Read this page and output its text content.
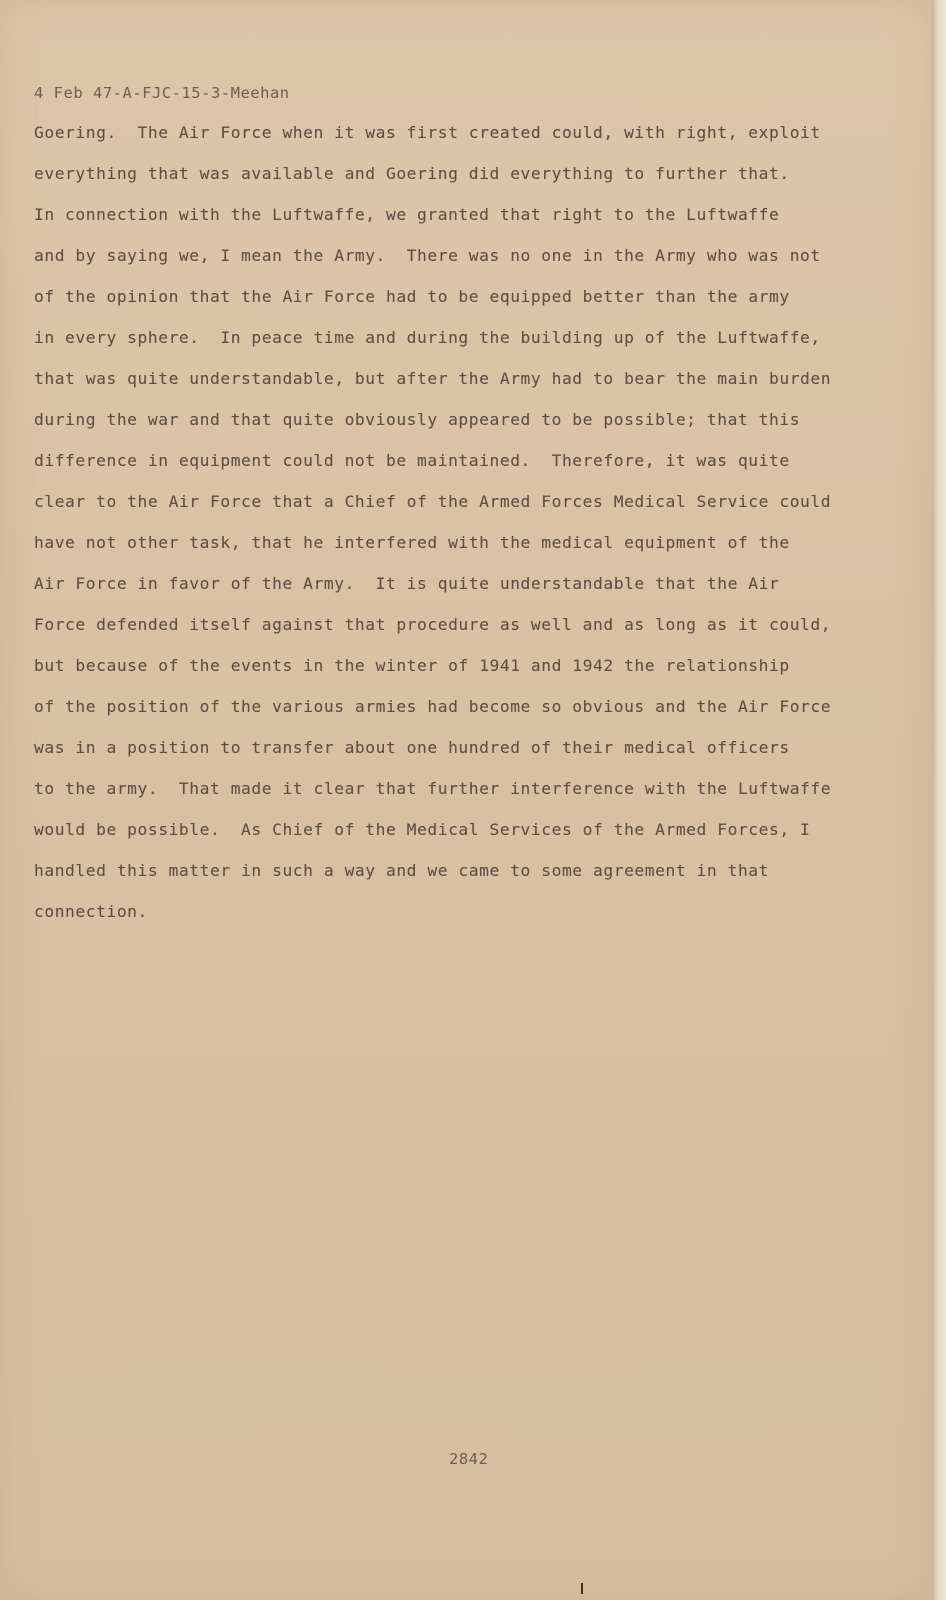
4 Feb 47-A-FJC-15-3-Meehan
Goering.  The Air Force when it was first created could, with right, exploit
everything that was available and Goering did everything to further that.
In connection with the Luftwaffe, we granted that right to the Luftwaffe
and by saying we, I mean the Army.  There was no one in the Army who was not
of the opinion that the Air Force had to be equipped better than the army
in every sphere.  In peace time and during the building up of the Luftwaffe,
that was quite understandable, but after the Army had to bear the main burden
during the war and that quite obviously appeared to be possible; that this
difference in equipment could not be maintained.  Therefore, it was quite
clear to the Air Force that a Chief of the Armed Forces Medical Service could
have not other task, that he interfered with the medical equipment of the
Air Force in favor of the Army.  It is quite understandable that the Air
Force defended itself against that procedure as well and as long as it could,
but because of the events in the winter of 1941 and 1942 the relationship
of the position of the various armies had become so obvious and the Air Force
was in a position to transfer about one hundred of their medical officers
to the army.  That made it clear that further interference with the Luftwaffe
would be possible.  As Chief of the Medical Services of the Armed Forces, I
handled this matter in such a way and we came to some agreement in that
connection.
2842
